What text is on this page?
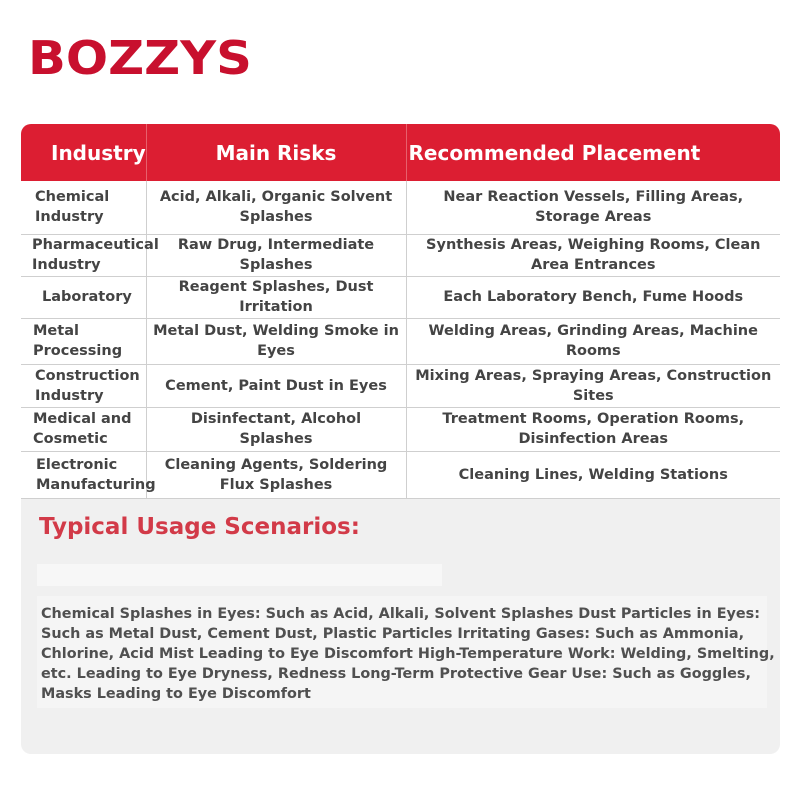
BOZZYS
Industry	Main Risks	Recommended Placement
Chemical
Industry	Acid, Alkali, Organic Solvent Splashes	Near Reaction Vessels, Filling Areas, Storage Areas
Pharmaceutical
Industry	Raw Drug, Intermediate Splashes	Synthesis Areas, Weighing Rooms, Clean Area Entrances
Laboratory	Reagent Splashes, Dust Irritation	Each Laboratory Bench, Fume Hoods
Metal
Processing	Metal Dust, Welding Smoke in Eyes	Welding Areas, Grinding Areas, Machine Rooms
Construction
Industry	Cement, Paint Dust in Eyes	Mixing Areas, Spraying Areas, Construction Sites
Medical and
Cosmetic	Disinfectant, Alcohol Splashes	Treatment Rooms, Operation Rooms, Disinfection Areas
Electronic
Manufacturing	Cleaning Agents, Soldering Flux Splashes	Cleaning Lines, Welding Stations
Typical Usage Scenarios:
Chemical Splashes in Eyes: Such as Acid, Alkali, Solvent Splashes Dust Particles in Eyes: Such as Metal Dust, Cement Dust, Plastic Particles Irritating Gases: Such as Ammonia, Chlorine, Acid Mist Leading to Eye Discomfort High-Temperature Work: Welding, Smelting, etc. Leading to Eye Dryness, Redness Long-Term Protective Gear Use: Such as Goggles, Masks Leading to Eye Discomfort
